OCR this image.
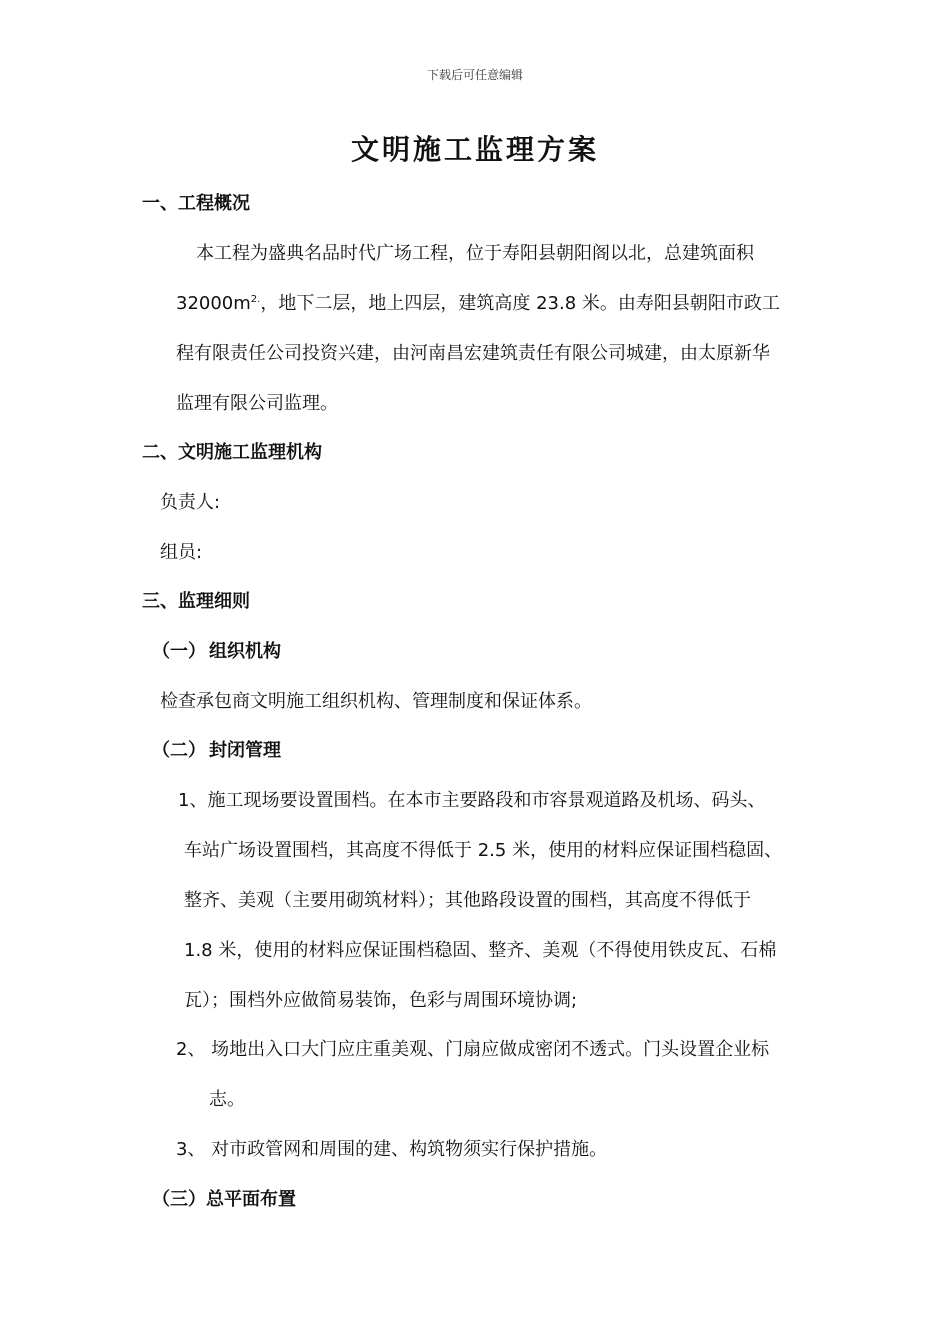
下载后可任意编辑
文明施工监理方案
一、工程概况
本工程为盛典名品时代广场工程，位于寿阳县朝阳阁以北，总建筑面积
$32000m^{2.}$，地下二层，地上四层，建筑高度 23.8 米。由寿阳县朝阳市政工
程有限责任公司投资兴建，由河南昌宏建筑责任有限公司城建，由太原新华
监理有限公司监理。
二、文明施工监理机构
负责人:
组员:
三、监理细则
（一） 组织机构
检查承包商文明施工组织机构、管理制度和保证体系。
（二） 封闭管理
1、施工现场要设置围档。在本市主要路段和市容景观道路及机场、码头、
车站广场设置围档，其高度不得低于 2.5 米，使用的材料应保证围档稳固、
整齐、美观（主要用砌筑材料）；其他路段设置的围档，其高度不得低于
1.8 米，使用的材料应保证围档稳固、整齐、美观（不得使用铁皮瓦、石棉
瓦）；围档外应做简易装饰，色彩与周围环境协调;
2、 场地出入口大门应庄重美观、门扇应做成密闭不透式。门头设置企业标
志。
3、 对市政管网和周围的建、构筑物须实行保护措施。
（三）总平面布置
